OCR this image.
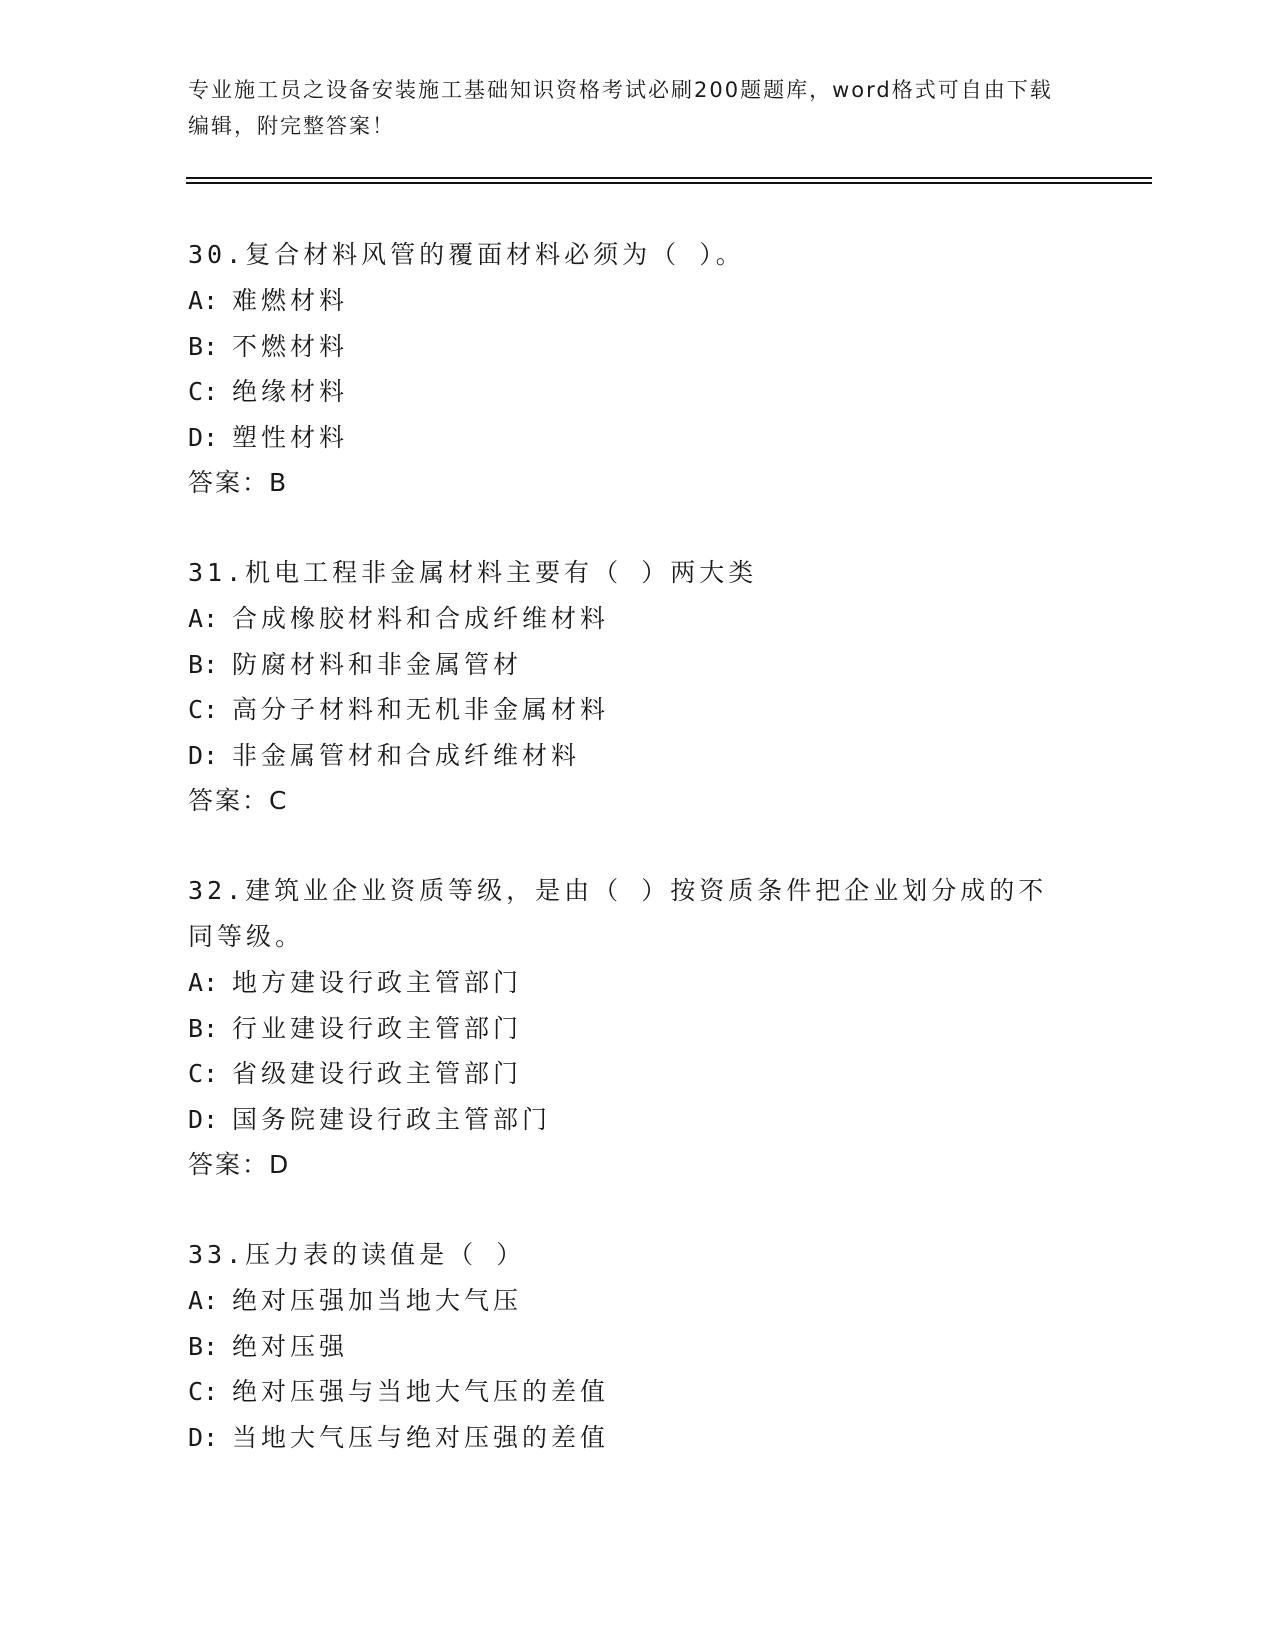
专业施工员之设备安装施工基础知识资格考试必刷200题题库，word格式可自由下载编辑，附完整答案！

30.复合材料风管的覆面材料必须为（ ）。

A: 难燃材料

B: 不燃材料

C: 绝缘材料

D: 塑性材料

答案：B

31.机电工程非金属材料主要有（ ）两大类

A: 合成橡胶材料和合成纤维材料

B: 防腐材料和非金属管材

C: 高分子材料和无机非金属材料

D: 非金属管材和合成纤维材料

答案：C

32.建筑业企业资质等级，是由（ ）按资质条件把企业划分成的不同等级。

A: 地方建设行政主管部门

B: 行业建设行政主管部门

C: 省级建设行政主管部门

D: 国务院建设行政主管部门

答案：D

33.压力表的读值是（ ）

A: 绝对压强加当地大气压

B: 绝对压强

C: 绝对压强与当地大气压的差值

D: 当地大气压与绝对压强的差值
